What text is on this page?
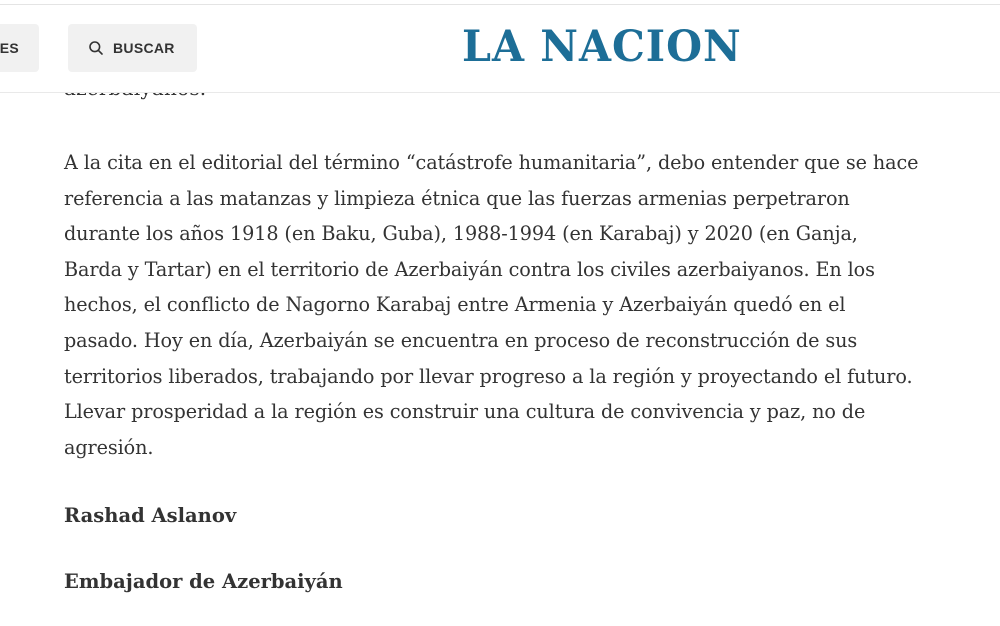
A la cita en el editorial del término “catástrofe humanitaria”, debo entender que se hace
referencia a las matanzas y limpieza étnica que las fuerzas armenias perpetraron
durante los años 1918 (en Baku, Guba), 1988-1994 (en Karabaj) y 2020 (en Ganja,
Barda y Tartar) en el territorio de Azerbaiyán contra los civiles azerbaiyanos. En los
hechos, el conflicto de Nagorno Karabaj entre Armenia y Azerbaiyán quedó en el
pasado. Hoy en día, Azerbaiyán se encuentra en proceso de reconstrucción de sus
territorios liberados, trabajando por llevar progreso a la región y proyectando el futuro.
Llevar prosperidad a la región es construir una cultura de convivencia y paz, no de
agresión.

Rashad Aslanov

Embajador de Azerbaiyán

ES	BUSCAR	LA NACION
